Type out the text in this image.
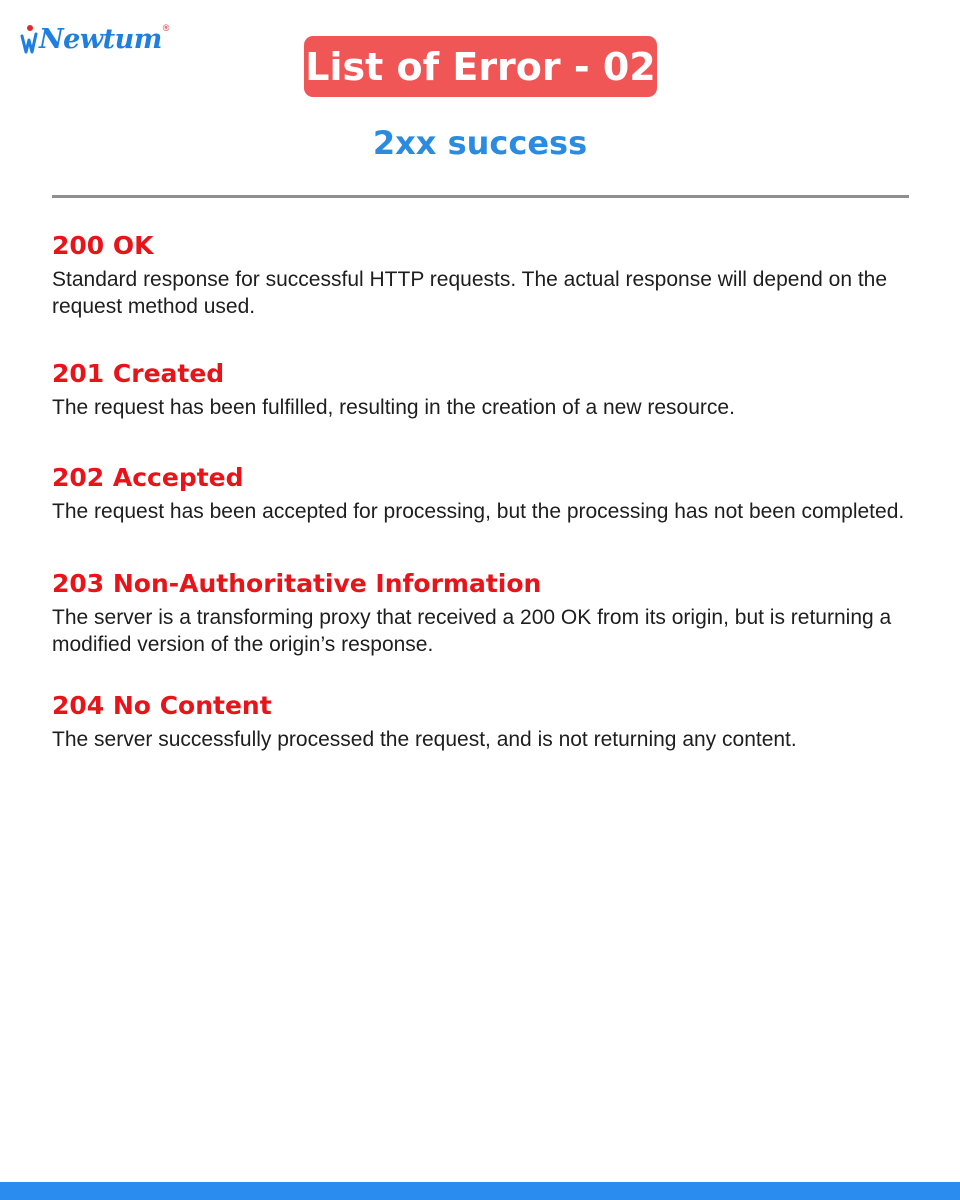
Newtum ®
List of Error - 02
2xx success

200 OK

Standard response for successful HTTP requests. The actual response will depend on the request method used.

201 Created

The request has been fulfilled, resulting in the creation of a new resource.

202 Accepted

The request has been accepted for processing, but the processing has not been completed.

203 Non-Authoritative Information

The server is a transforming proxy that received a 200 OK from its origin, but is returning a modified version of the origin’s response.

204 No Content

The server successfully processed the request, and is not returning any content.
